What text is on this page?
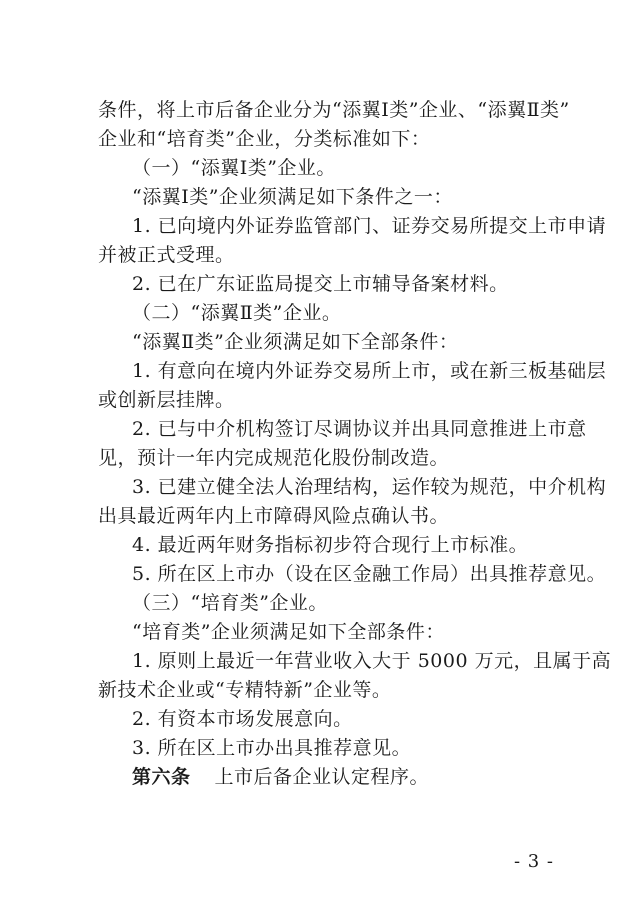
条件，将上市后备企业分为“添翼Ⅰ类”企业、“添翼Ⅱ类”
企业和“培育类”企业，分类标准如下：
（一）“添翼Ⅰ类”企业。
“添翼Ⅰ类”企业须满足如下条件之一：
1. 已向境内外证券监管部门、证券交易所提交上市申请
并被正式受理。
2. 已在广东证监局提交上市辅导备案材料。
（二）“添翼Ⅱ类”企业。
“添翼Ⅱ类”企业须满足如下全部条件：
1. 有意向在境内外证券交易所上市，或在新三板基础层
或创新层挂牌。
2. 已与中介机构签订尽调协议并出具同意推进上市意
见，预计一年内完成规范化股份制改造。
3. 已建立健全法人治理结构，运作较为规范，中介机构
出具最近两年内上市障碍风险点确认书。
4. 最近两年财务指标初步符合现行上市标准。
5. 所在区上市办（设在区金融工作局）出具推荐意见。
（三）“培育类”企业。
“培育类”企业须满足如下全部条件：
1. 原则上最近一年营业收入大于 5000 万元，且属于高
新技术企业或“专精特新”企业等。
2. 有资本市场发展意向。
3. 所在区上市办出具推荐意见。
第六条 上市后备企业认定程序。
- 3 -
